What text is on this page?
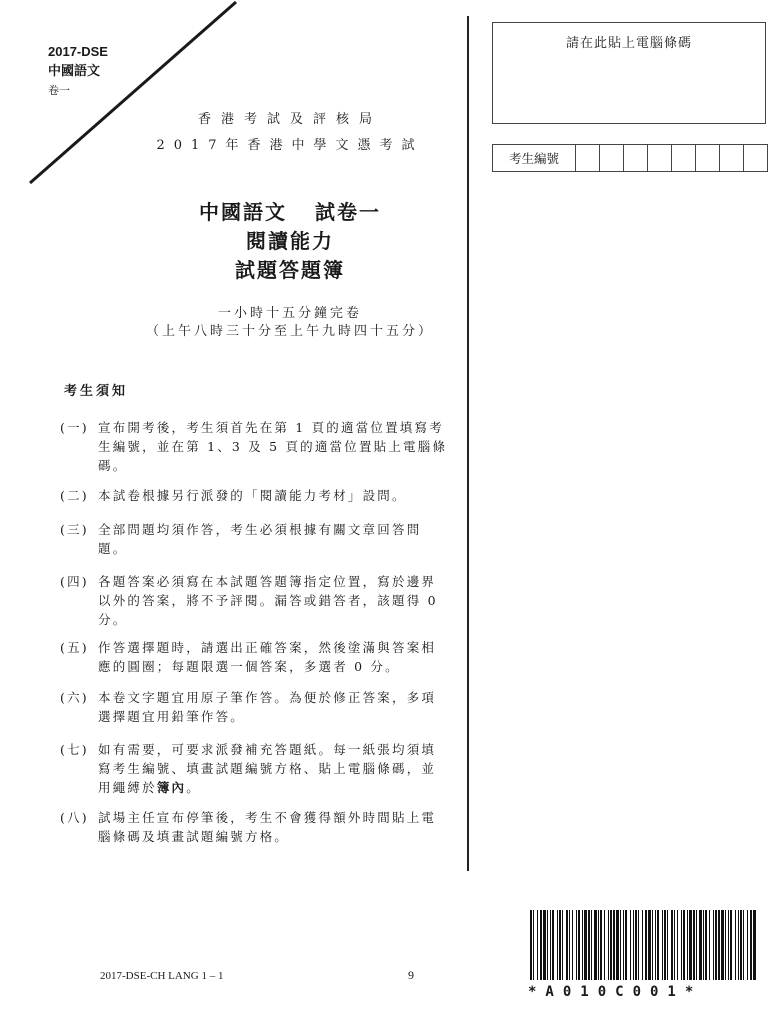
2017-DSE
中國語文
卷一
香港考試及評核局
2017年香港中學文憑考試
中國語文 試卷一
閱讀能力
試題答題簿
一小時十五分鐘完卷
（上午八時三十分至上午九時四十五分）
考生須知
(一) 宣布開考後，考生須首先在第 1 頁的適當位置填寫考生編號，並在第 1、3 及 5 頁的適當位置貼上電腦條碼。
(二) 本試卷根據另行派發的「閱讀能力考材」設問。
(三) 全部問題均須作答，考生必須根據有關文章回答問題。
(四) 各題答案必須寫在本試題答題簿指定位置，寫於邊界以外的答案，將不予評閱。漏答或錯答者，該題得 0 分。
(五) 作答選擇題時，請選出正確答案，然後塗滿與答案相應的圓圈；每題限選一個答案，多選者 0 分。
(六) 本卷文字題宜用原子筆作答。為便於修正答案，多項選擇題宜用鉛筆作答。
(七) 如有需要，可要求派發補充答題紙。每一紙張均須填寫考生編號、填畫試題編號方格、貼上電腦條碼，並用繩縛於簿內。
(八) 試場主任宣布停筆後，考生不會獲得額外時間貼上電腦條碼及填畫試題編號方格。
請在此貼上電腦條碼
考生編號
2017-DSE-CH LANG 1 – 1	9
*A010C001*
